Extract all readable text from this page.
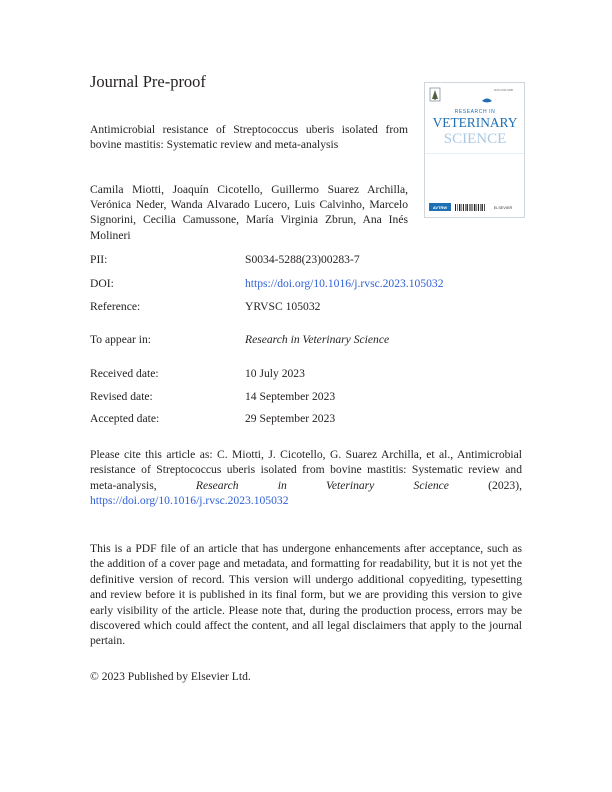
Journal Pre-proof
Antimicrobial resistance of Streptococcus uberis isolated from bovine mastitis: Systematic review and meta-analysis
Camila Miotti, Joaquín Cicotello, Guillermo Suarez Archilla, Verónica Neder, Wanda Alvarado Lucero, Luis Calvinho, Marcelo Signorini, Cecilia Camussone, María Virginia Zbrun, Ana Inés Molineri
ISSN 0034-5288
RESEARCH IN
VETERINARY
SCIENCE
AVTRW	ELSEVIER
PII:	S0034-5288(23)00283-7
DOI:	https://doi.org/10.1016/j.rvsc.2023.105032
Reference:	YRVSC 105032
To appear in:	Research in Veterinary Science
Received date:	10 July 2023
Revised date:	14 September 2023
Accepted date:	29 September 2023
Please cite this article as: C. Miotti, J. Cicotello, G. Suarez Archilla, et al., Antimicrobial resistance of Streptococcus uberis isolated from bovine mastitis: Systematic review and meta-analysis,	Research in Veterinary Science	(2023), https://doi.org/10.1016/j.rvsc.2023.105032
This is a PDF file of an article that has undergone enhancements after acceptance, such as the addition of a cover page and metadata, and formatting for readability, but it is not yet the definitive version of record. This version will undergo additional copyediting, typesetting and review before it is published in its final form, but we are providing this version to give early visibility of the article. Please note that, during the production process, errors may be discovered which could affect the content, and all legal disclaimers that apply to the journal pertain.
© 2023 Published by Elsevier Ltd.
